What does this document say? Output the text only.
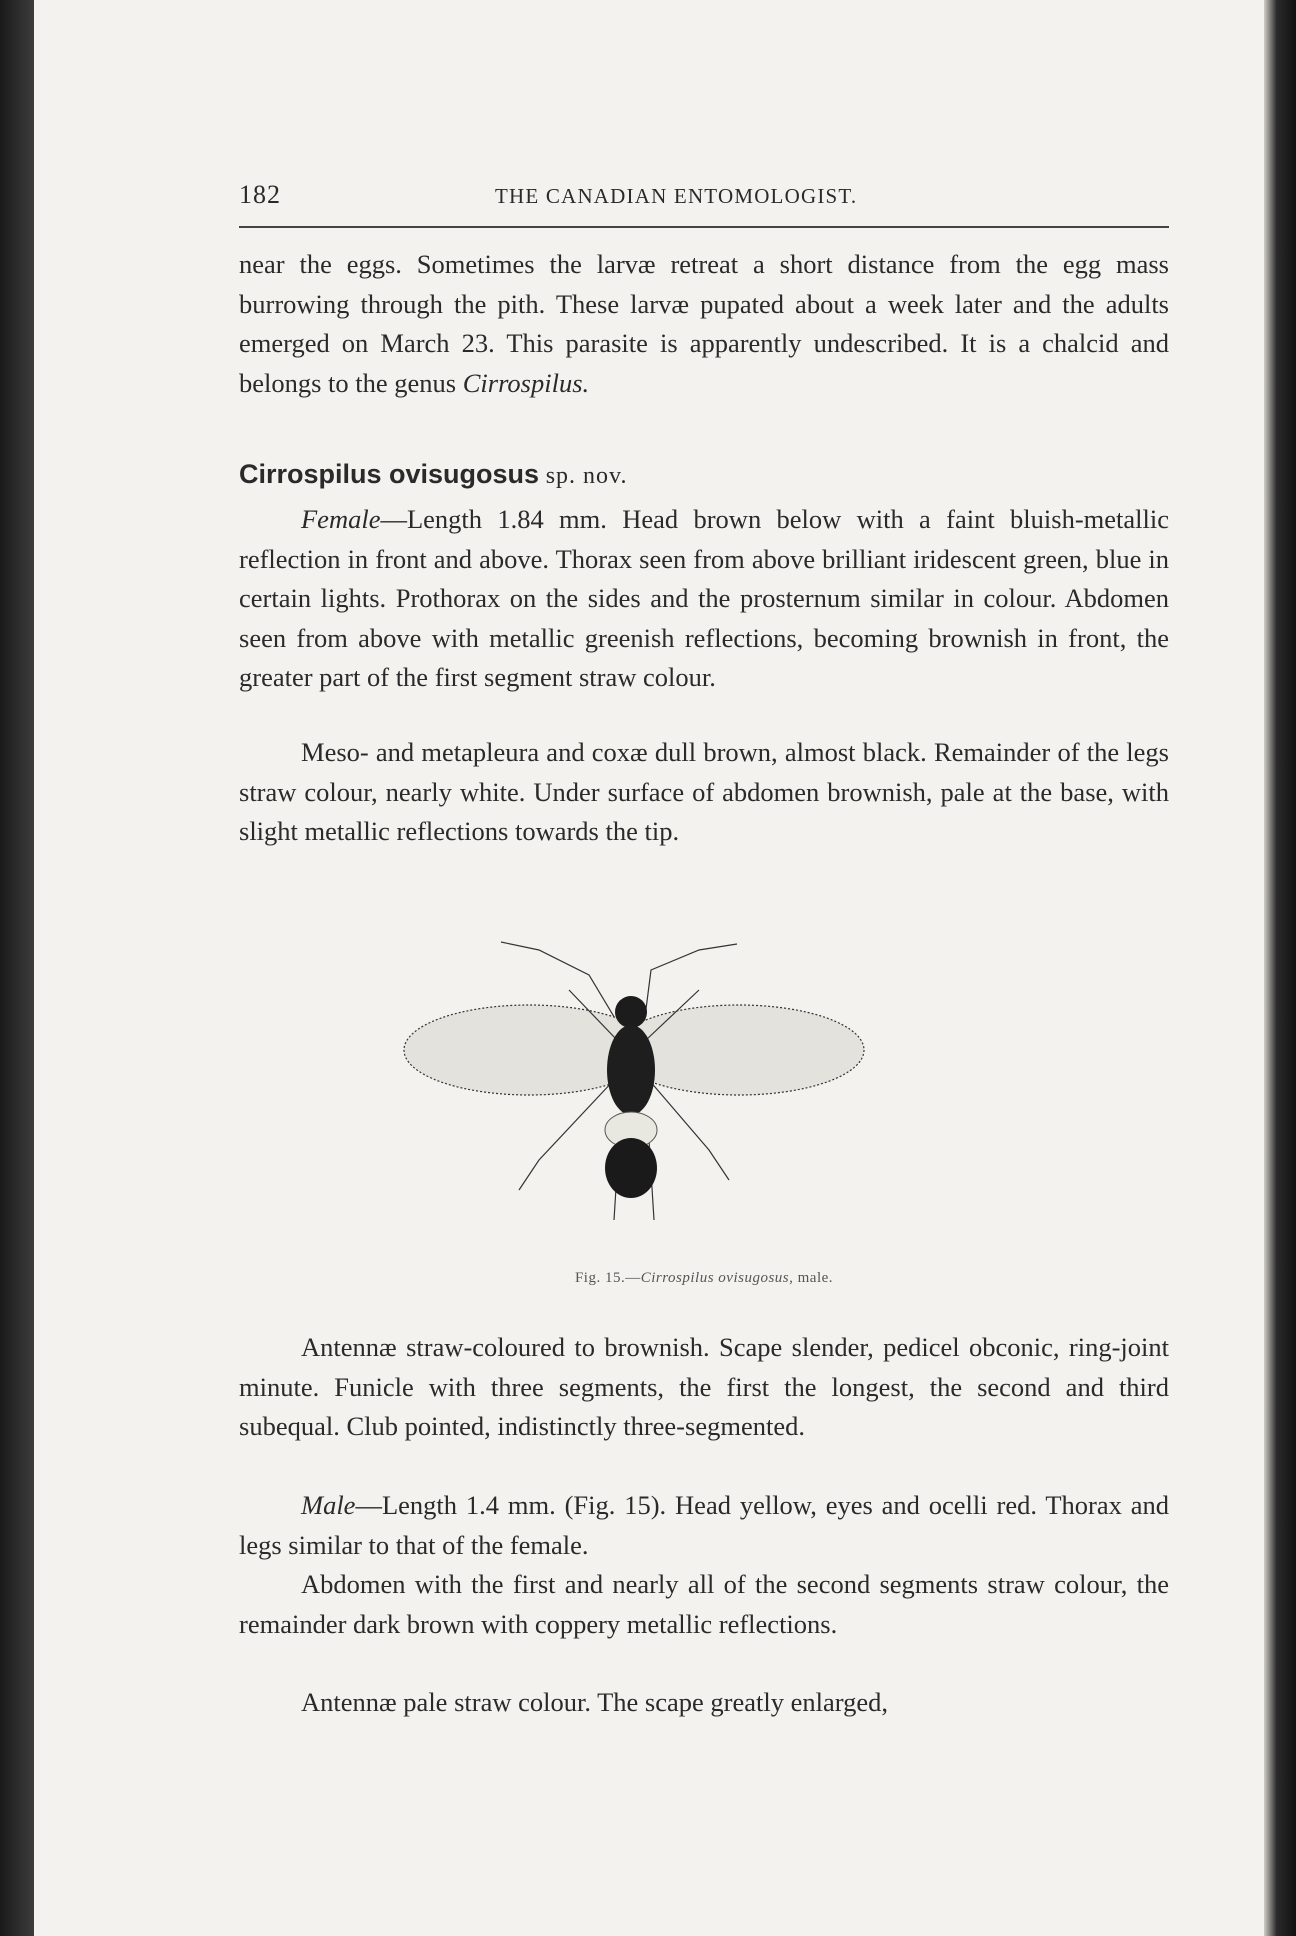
182	THE CANADIAN ENTOMOLOGIST.

near the eggs. Sometimes the larvæ retreat a short distance from the egg mass burrowing through the pith. These larvæ pupated about a week later and the adults emerged on March 23. This parasite is apparently undescribed. It is a chalcid and belongs to the genus Cirrospilus.

Cirrospilus ovisugosus sp. nov.

Female—Length 1.84 mm. Head brown below with a faint bluish-metallic reflection in front and above. Thorax seen from above brilliant iridescent green, blue in certain lights. Prothorax on the sides and the prosternum similar in colour. Abdomen seen from above with metallic greenish reflections, becoming brownish in front, the greater part of the first segment straw colour.

Meso- and metapleura and coxæ dull brown, almost black. Remainder of the legs straw colour, nearly white. Under surface of abdomen brownish, pale at the base, with slight metallic reflections towards the tip.

Fig. 15.—Cirrospilus ovisugosus, male.

Antennæ straw-coloured to brownish. Scape slender, pedicel obconic, ring-joint minute. Funicle with three segments, the first the longest, the second and third subequal. Club pointed, indistinctly three-segmented.

Male—Length 1.4 mm. (Fig. 15). Head yellow, eyes and ocelli red. Thorax and legs similar to that of the female.

Abdomen with the first and nearly all of the second segments straw colour, the remainder dark brown with coppery metallic reflections.

Antennæ pale straw colour. The scape greatly enlarged,
